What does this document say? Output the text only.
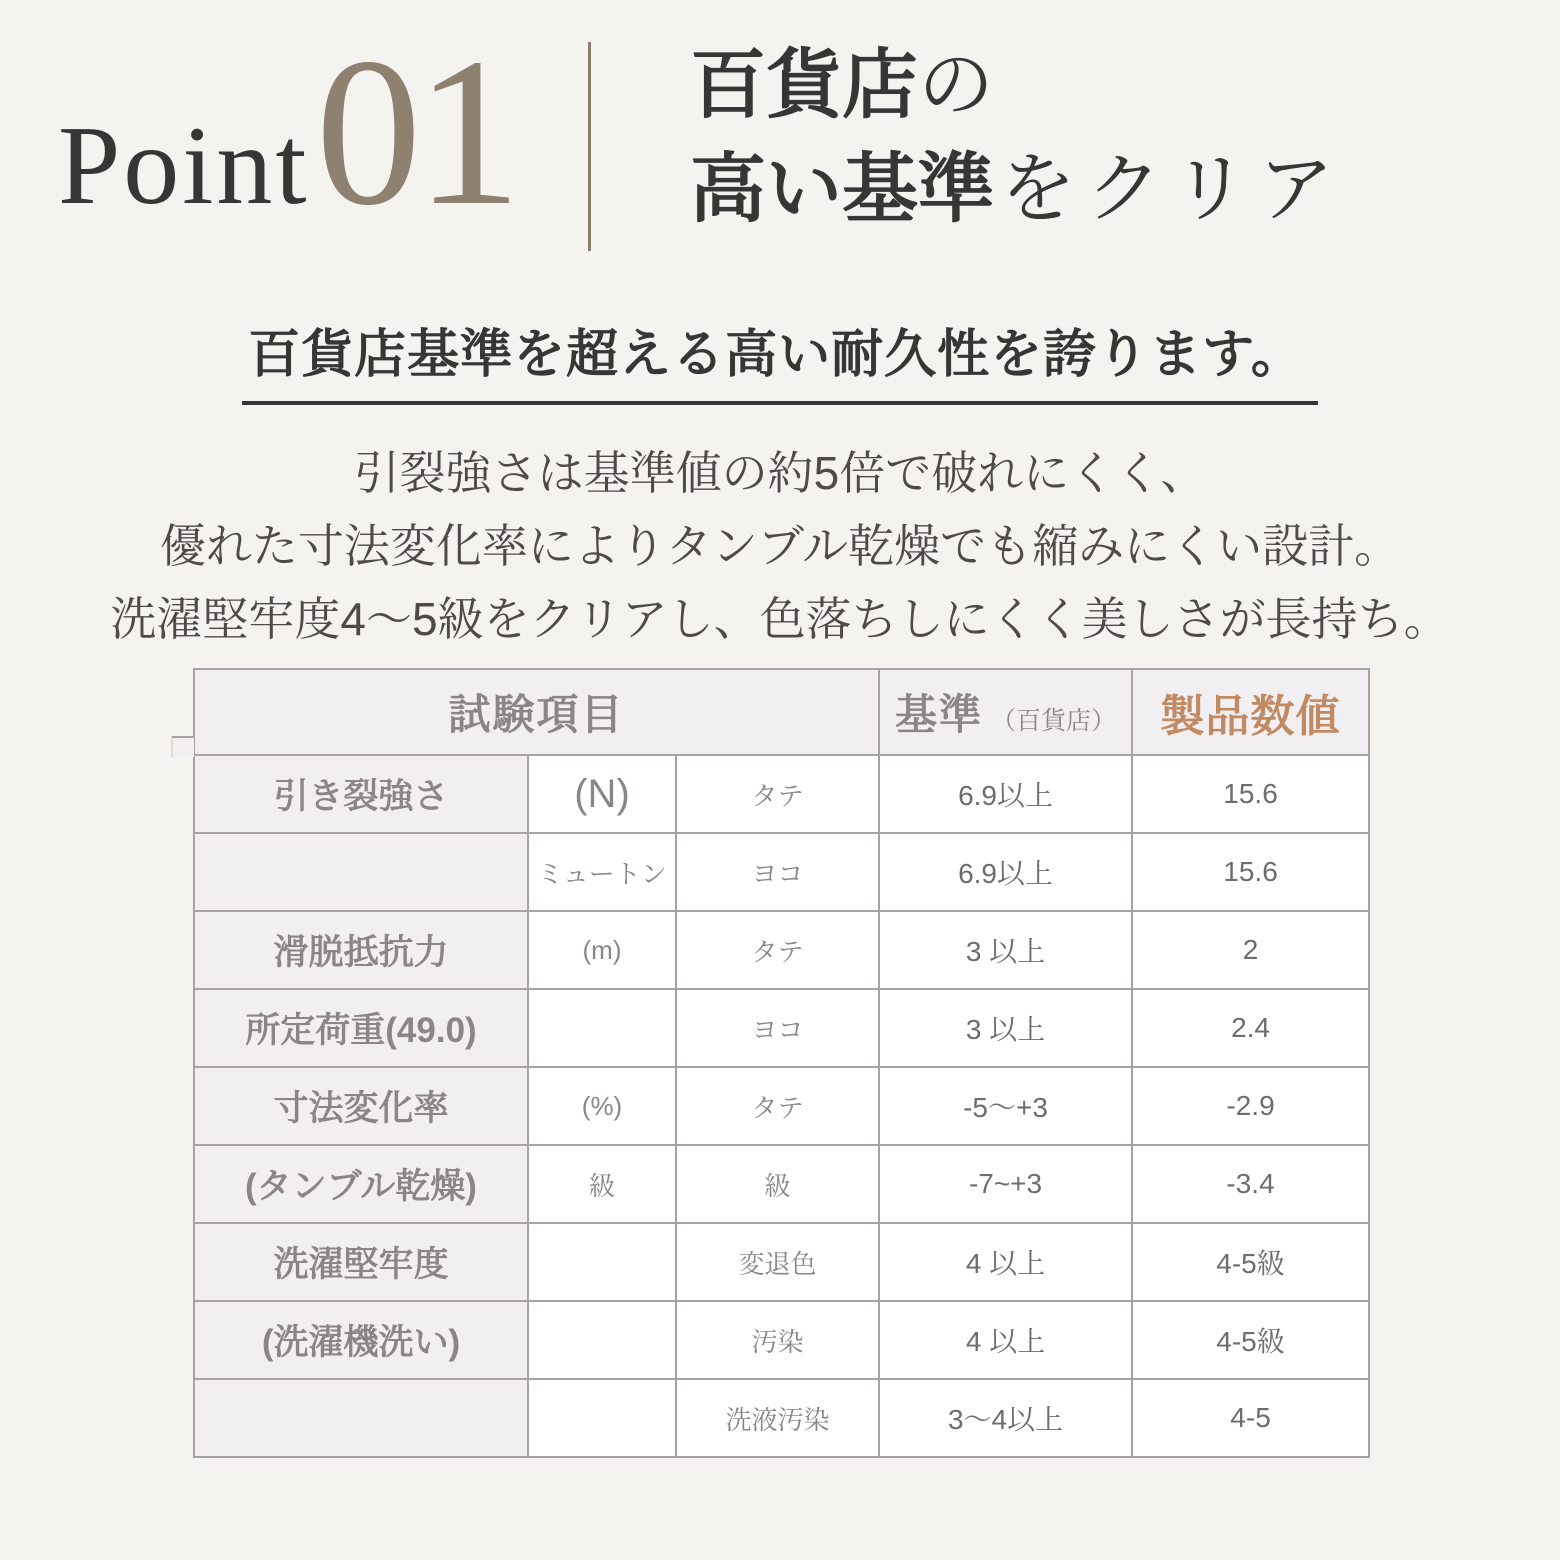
Point 01 百貨店の
高い基準をクリア
百貨店基準を超える高い耐久性を誇ります。

引裂強さは基準値の約5倍で破れにくく、

優れた寸法変化率によりタンブル乾燥でも縮みにくい設計。

洗濯堅牢度4〜5級をクリアし、色落ちしにくく美しさが長持ち。

試験項目			基準 （百貨店）	製品数値
引き裂強さ	(N)	タテ	6.9以上	15.6
	ミュートン	ヨコ	6.9以上	15.6
滑脱抵抗力	(m)	タテ	3 以上	2
所定荷重(49.0)		ヨコ	3 以上	2.4
寸法変化率	(%)	タテ	-5〜+3	-2.9
(タンブル乾燥)	級	級	-7~+3	-3.4
洗濯堅牢度		変退色	4 以上	4-5級
(洗濯機洗い)		汚染	4 以上	4-5級
		洗液汚染	3〜4以上	4-5
